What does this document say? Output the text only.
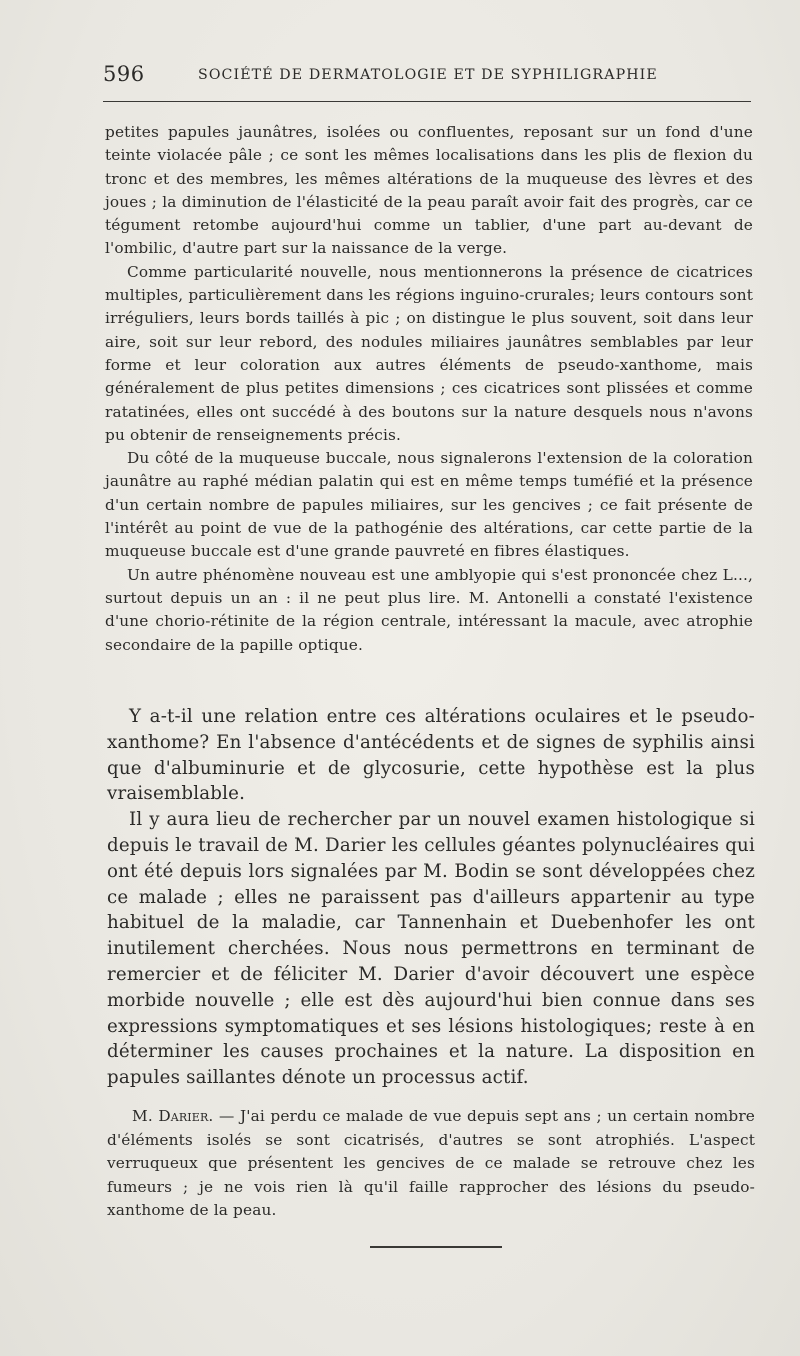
596	SOCIÉTÉ DE DERMATOLOGIE ET DE SYPHILIGRAPHIE

petites papules jaunâtres, isolées ou confluentes, reposant sur un fond d'une teinte violacée pâle ; ce sont les mêmes localisations dans les plis de flexion du tronc et des membres, les mêmes altérations de la muqueuse des lèvres et des joues ; la diminution de l'élasticité de la peau paraît avoir fait des progrès, car ce tégument retombe aujourd'hui comme un tablier, d'une part au-devant de l'ombilic, d'autre part sur la naissance de la verge.

Comme particularité nouvelle, nous mentionnerons la présence de cicatrices multiples, particulièrement dans les régions inguino-crurales; leurs contours sont irréguliers, leurs bords taillés à pic ; on distingue le plus souvent, soit dans leur aire, soit sur leur rebord, des nodules miliaires jaunâtres semblables par leur forme et leur coloration aux autres éléments de pseudo-xanthome, mais généralement de plus petites dimensions ; ces cicatrices sont plissées et comme ratatinées, elles ont succédé à des boutons sur la nature desquels nous n'avons pu obtenir de renseignements précis.

Du côté de la muqueuse buccale, nous signalerons l'extension de la coloration jaunâtre au raphé médian palatin qui est en même temps tuméfié et la présence d'un certain nombre de papules miliaires, sur les gencives ; ce fait présente de l'intérêt au point de vue de la pathogénie des altérations, car cette partie de la muqueuse buccale est d'une grande pauvreté en fibres élastiques.

Un autre phénomène nouveau est une amblyopie qui s'est prononcée chez L..., surtout depuis un an : il ne peut plus lire. M. Antonelli a constaté l'existence d'une chorio-rétinite de la région centrale, intéressant la macule, avec atrophie secondaire de la papille optique.

Y a-t-il une relation entre ces altérations oculaires et le pseudo-xanthome? En l'absence d'antécédents et de signes de syphilis ainsi que d'albuminurie et de glycosurie, cette hypothèse est la plus vraisemblable.

Il y aura lieu de rechercher par un nouvel examen histologique si depuis le travail de M. Darier les cellules géantes polynucléaires qui ont été depuis lors signalées par M. Bodin se sont développées chez ce malade ; elles ne paraissent pas d'ailleurs appartenir au type habituel de la maladie, car Tannenhain et Duebenhofer les ont inutilement cherchées. Nous nous permettrons en terminant de remercier et de féliciter M. Darier d'avoir découvert une espèce morbide nouvelle ; elle est dès aujourd'hui bien connue dans ses expressions symptomatiques et ses lésions histologiques; reste à en déterminer les causes prochaines et la nature. La disposition en papules saillantes dénote un processus actif.

M. Darier. — J'ai perdu ce malade de vue depuis sept ans ; un certain nombre d'éléments isolés se sont cicatrisés, d'autres se sont atrophiés. L'aspect verruqueux que présentent les gencives de ce malade se retrouve chez les fumeurs ; je ne vois rien là qu'il faille rapprocher des lésions du pseudo-xanthome de la peau.
